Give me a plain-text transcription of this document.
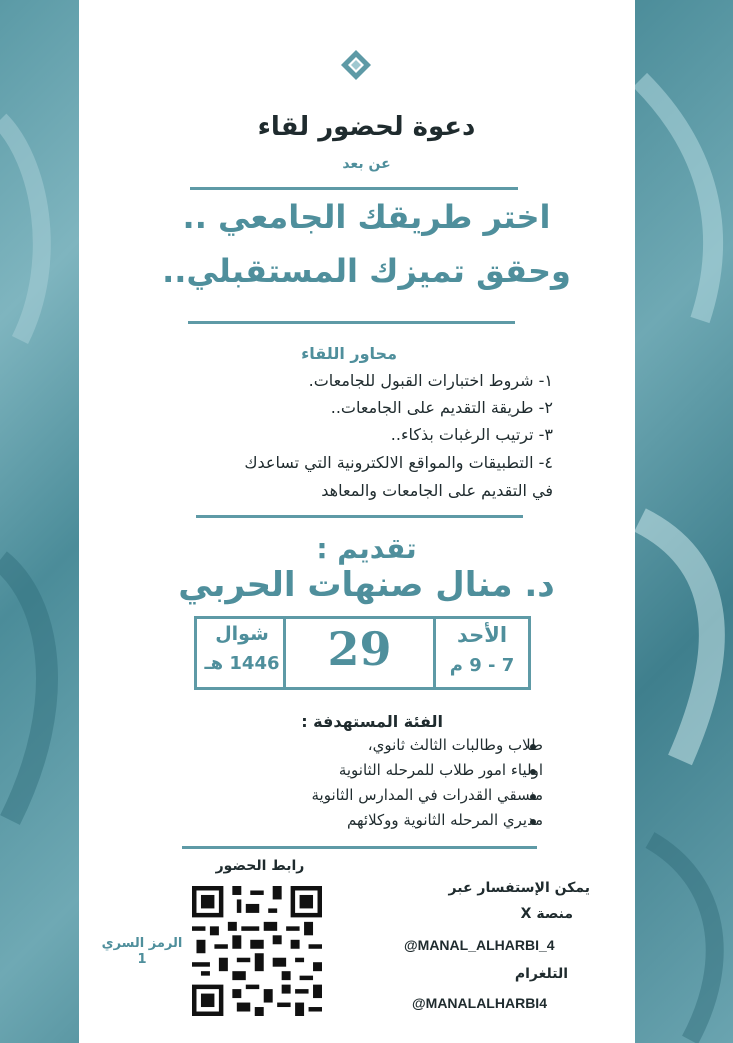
دعوة لحضور لقاء
عن بعد
اختر طريقك الجامعي ..
وحقق تميزك المستقبلي..
محاور اللقاء
١- شروط اختبارات القبول للجامعات.
٢- طريقة التقديم على الجامعات..
٣- ترتيب الرغبات بذكاء..
٤- التطبيقات والمواقع الالكترونية التي تساعدك
في التقديم على الجامعات والمعاهد
تقديم :
د. منال صنهات الحربي
شوال
1446 هـ	29	الأحد
7 - 9 م
الفئة المستهدفة :
طلاب وطالبات الثالث ثانوي،
اولياء امور طلاب للمرحله الثانوية
منسقي القدرات في المدارس الثانوية
مديري المرحله الثانوية ووكلائهم
رابط الحضور
الرمز السري
1
يمكن الإستفسار عبر
منصة X
@MANAL_ALHARBI_4
التلغرام
@MANALALHARBI4
